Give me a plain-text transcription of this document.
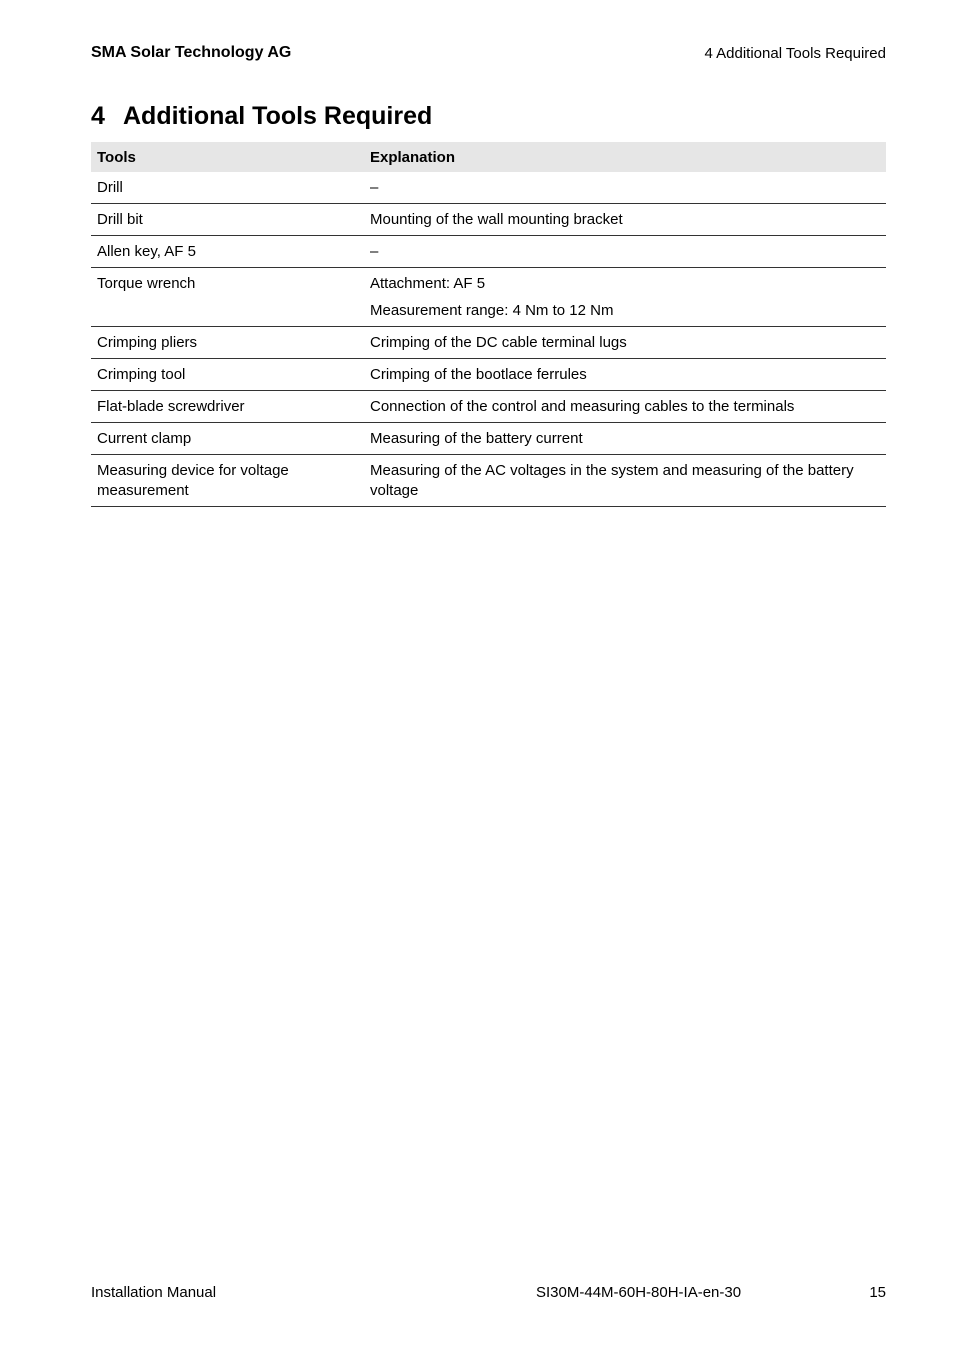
SMA Solar Technology AG	4 Additional Tools Required
4 Additional Tools Required
Tools	Explanation
Drill	–

Drill bit	Mounting of the wall mounting bracket

Allen key, AF 5	–

Torque wrench	Attachment: AF 5
Measurement range: 4 Nm to 12 Nm

Crimping pliers	Crimping of the DC cable terminal lugs

Crimping tool	Crimping of the bootlace ferrules

Flat-blade screwdriver	Connection of the control and measuring cables to the terminals

Current clamp	Measuring of the battery current

Measuring device for voltage measurement	Measuring of the AC voltages in the system and measuring of the battery voltage
Installation Manual	SI30M-44M-60H-80H-IA-en-30	15
